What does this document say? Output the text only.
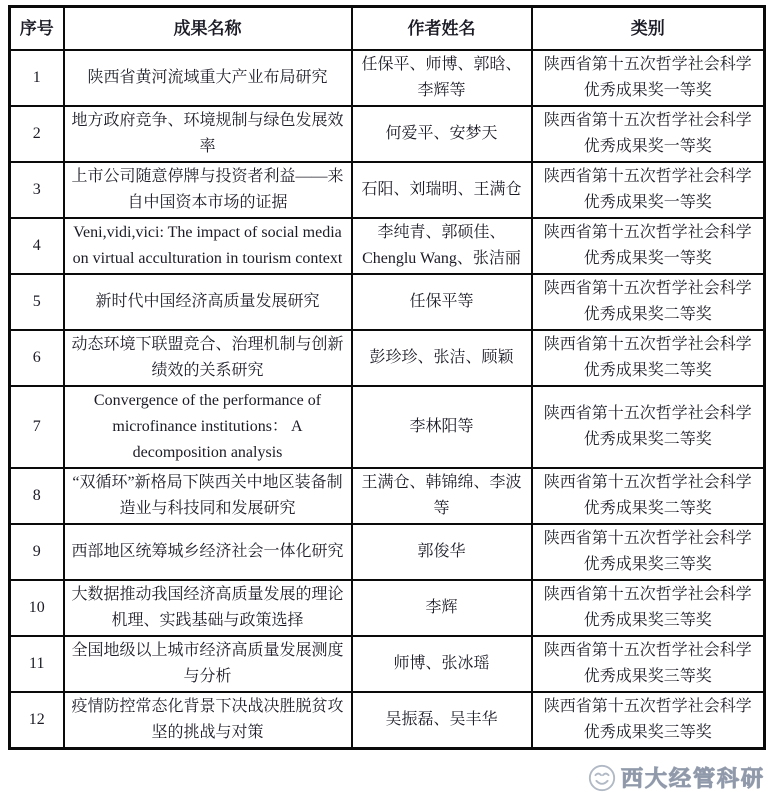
序号	成果名称	作者姓名	类别
1	陕西省黄河流域重大产业布局研究	任保平、师博、郭晗、李辉等	陕西省第十五次哲学社会科学优秀成果奖一等奖
2	地方政府竞争、环境规制与绿色发展效率	何爱平、安梦天	陕西省第十五次哲学社会科学优秀成果奖一等奖
3	上市公司随意停牌与投资者利益——来自中国资本市场的证据	石阳、刘瑞明、王满仓	陕西省第十五次哲学社会科学优秀成果奖一等奖
4	Veni,vidi,vici: The impact of social media on virtual acculturation in tourism context	李纯青、郭硕佳、Chenglu Wang、张洁丽	陕西省第十五次哲学社会科学优秀成果奖一等奖
5	新时代中国经济高质量发展研究	任保平等	陕西省第十五次哲学社会科学优秀成果奖二等奖
6	动态环境下联盟竞合、治理机制与创新绩效的关系研究	彭珍珍、张洁、顾颖	陕西省第十五次哲学社会科学优秀成果奖二等奖
7	Convergence of the performance of microfinance institutions： A decomposition analysis	李林阳等	陕西省第十五次哲学社会科学优秀成果奖二等奖
8	“双循环”新格局下陕西关中地区装备制造业与科技同和发展研究	王满仓、韩锦绵、李波等	陕西省第十五次哲学社会科学优秀成果奖二等奖
9	西部地区统筹城乡经济社会一体化研究	郭俊华	陕西省第十五次哲学社会科学优秀成果奖三等奖
10	大数据推动我国经济高质量发展的理论机理、实践基础与政策选择	李辉	陕西省第十五次哲学社会科学优秀成果奖三等奖
11	全国地级以上城市经济高质量发展测度与分析	师博、张冰瑶	陕西省第十五次哲学社会科学优秀成果奖三等奖
12	疫情防控常态化背景下决战决胜脱贫攻坚的挑战与对策	吴振磊、吴丰华	陕西省第十五次哲学社会科学优秀成果奖三等奖
西大经管科研
